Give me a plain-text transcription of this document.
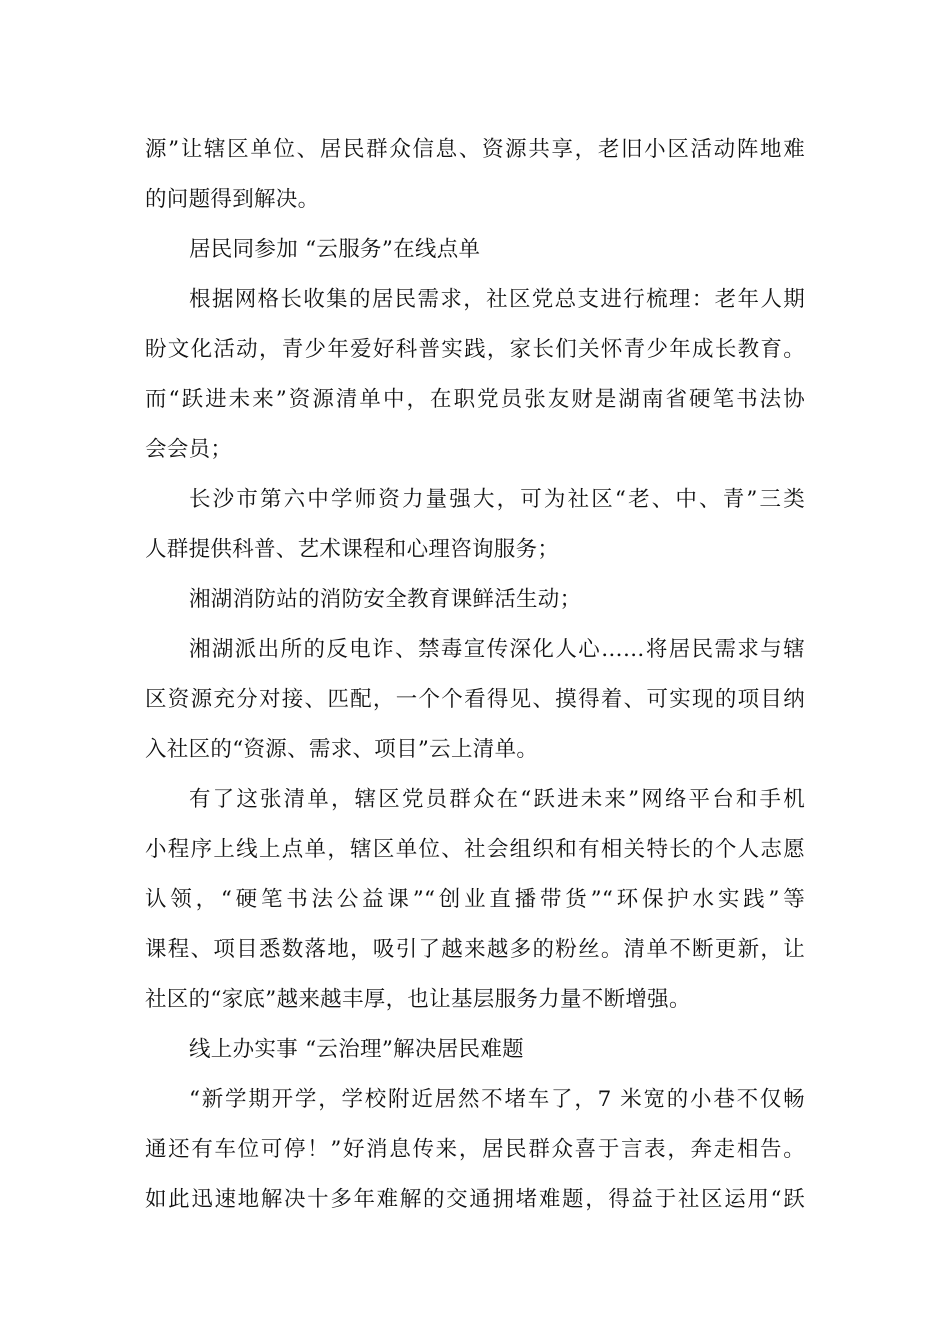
源”让辖区单位、居民群众信息、资源共享，老旧小区活动阵地难
的问题得到解决。
居民同参加 “云服务”在线点单
根据网格长收集的居民需求，社区党总支进行梳理：老年人期
盼文化活动，青少年爱好科普实践，家长们关怀青少年成长教育。
而“跃进未来”资源清单中，在职党员张友财是湖南省硬笔书法协
会会员；
长沙市第六中学师资力量强大，可为社区“老、中、青”三类
人群提供科普、艺术课程和心理咨询服务；
湘湖消防站的消防安全教育课鲜活生动；
湘湖派出所的反电诈、禁毒宣传深化人心……将居民需求与辖
区资源充分对接、匹配，一个个看得见、摸得着、可实现的项目纳
入社区的“资源、需求、项目”云上清单。
有了这张清单，辖区党员群众在“跃进未来”网络平台和手机
小程序上线上点单，辖区单位、社会组织和有相关特长的个人志愿
认领，“硬笔书法公益课”“创业直播带货”“环保护水实践”等
课程、项目悉数落地，吸引了越来越多的粉丝。清单不断更新，让
社区的“家底”越来越丰厚，也让基层服务力量不断增强。
线上办实事 “云治理”解决居民难题
“新学期开学，学校附近居然不堵车了，7 米宽的小巷不仅畅
通还有车位可停！”好消息传来，居民群众喜于言表，奔走相告。
如此迅速地解决十多年难解的交通拥堵难题，得益于社区运用“跃
